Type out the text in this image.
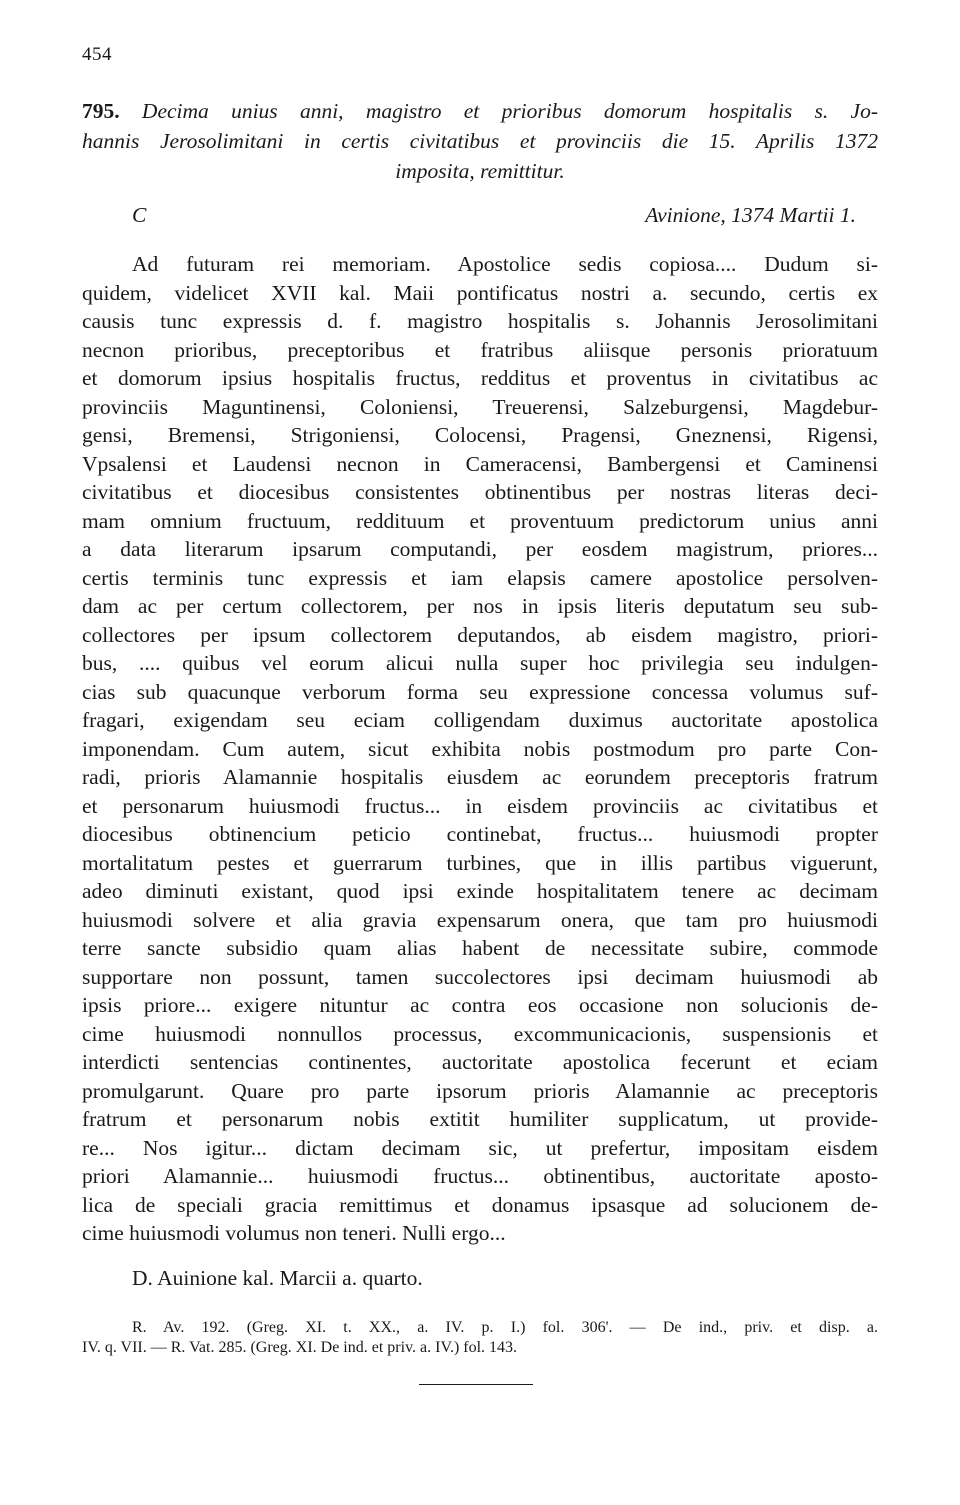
454
795. Decima unius anni, magistro et prioribus domorum hospitalis s. Jo-
hannis Jerosolimitani in certis civitatibus et provinciis die 15. Aprilis 1372
imposita, remittitur.
C	Avinione, 1374 Martii 1.
Ad futuram rei memoriam. Apostolice sedis copiosa.... Dudum si-
quidem, videlicet XVII kal. Maii pontificatus nostri a. secundo, certis ex
causis tunc expressis d. f. magistro hospitalis s. Johannis Jerosolimitani
necnon prioribus, preceptoribus et fratribus aliisque personis prioratuum
et domorum ipsius hospitalis fructus, redditus et proventus in civitatibus ac
provinciis Maguntinensi, Coloniensi, Treuerensi, Salzeburgensi, Magdebur-
gensi, Bremensi, Strigoniensi, Colocensi, Pragensi, Gneznensi, Rigensi,
Vpsalensi et Laudensi necnon in Cameracensi, Bambergensi et Caminensi
civitatibus et diocesibus consistentes obtinentibus per nostras literas deci-
mam omnium fructuum, reddituum et proventuum predictorum unius anni
a data literarum ipsarum computandi, per eosdem magistrum, priores...
certis terminis tunc expressis et iam elapsis camere apostolice persolven-
dam ac per certum collectorem, per nos in ipsis literis deputatum seu sub-
collectores per ipsum collectorem deputandos, ab eisdem magistro, priori-
bus, .... quibus vel eorum alicui nulla super hoc privilegia seu indulgen-
cias sub quacunque verborum forma seu expressione concessa volumus suf-
fragari, exigendam seu eciam colligendam duximus auctoritate apostolica
imponendam. Cum autem, sicut exhibita nobis postmodum pro parte Con-
radi, prioris Alamannie hospitalis eiusdem ac eorundem preceptoris fratrum
et personarum huiusmodi fructus... in eisdem provinciis ac civitatibus et
diocesibus obtinencium peticio continebat, fructus... huiusmodi propter
mortalitatum pestes et guerrarum turbines, que in illis partibus viguerunt,
adeo diminuti existant, quod ipsi exinde hospitalitatem tenere ac decimam
huiusmodi solvere et alia gravia expensarum onera, que tam pro huiusmodi
terre sancte subsidio quam alias habent de necessitate subire, commode
supportare non possunt, tamen succolectores ipsi decimam huiusmodi ab
ipsis priore... exigere nituntur ac contra eos occasione non solucionis de-
cime huiusmodi nonnullos processus, excommunicacionis, suspensionis et
interdicti sentencias continentes, auctoritate apostolica fecerunt et eciam
promulgarunt. Quare pro parte ipsorum prioris Alamannie ac preceptoris
fratrum et personarum nobis extitit humiliter supplicatum, ut provide-
re... Nos igitur... dictam decimam sic, ut prefertur, impositam eisdem
priori Alamannie... huiusmodi fructus... obtinentibus, auctoritate aposto-
lica de speciali gracia remittimus et donamus ipsasque ad solucionem de-
cime huiusmodi volumus non teneri. Nulli ergo...
D. Auinione kal. Marcii a. quarto.
R. Av. 192. (Greg. XI. t. XX., a. IV. p. I.) fol. 306'. — De ind., priv. et disp. a.
IV. q. VII. — R. Vat. 285. (Greg. XI. De ind. et priv. a. IV.) fol. 143.
